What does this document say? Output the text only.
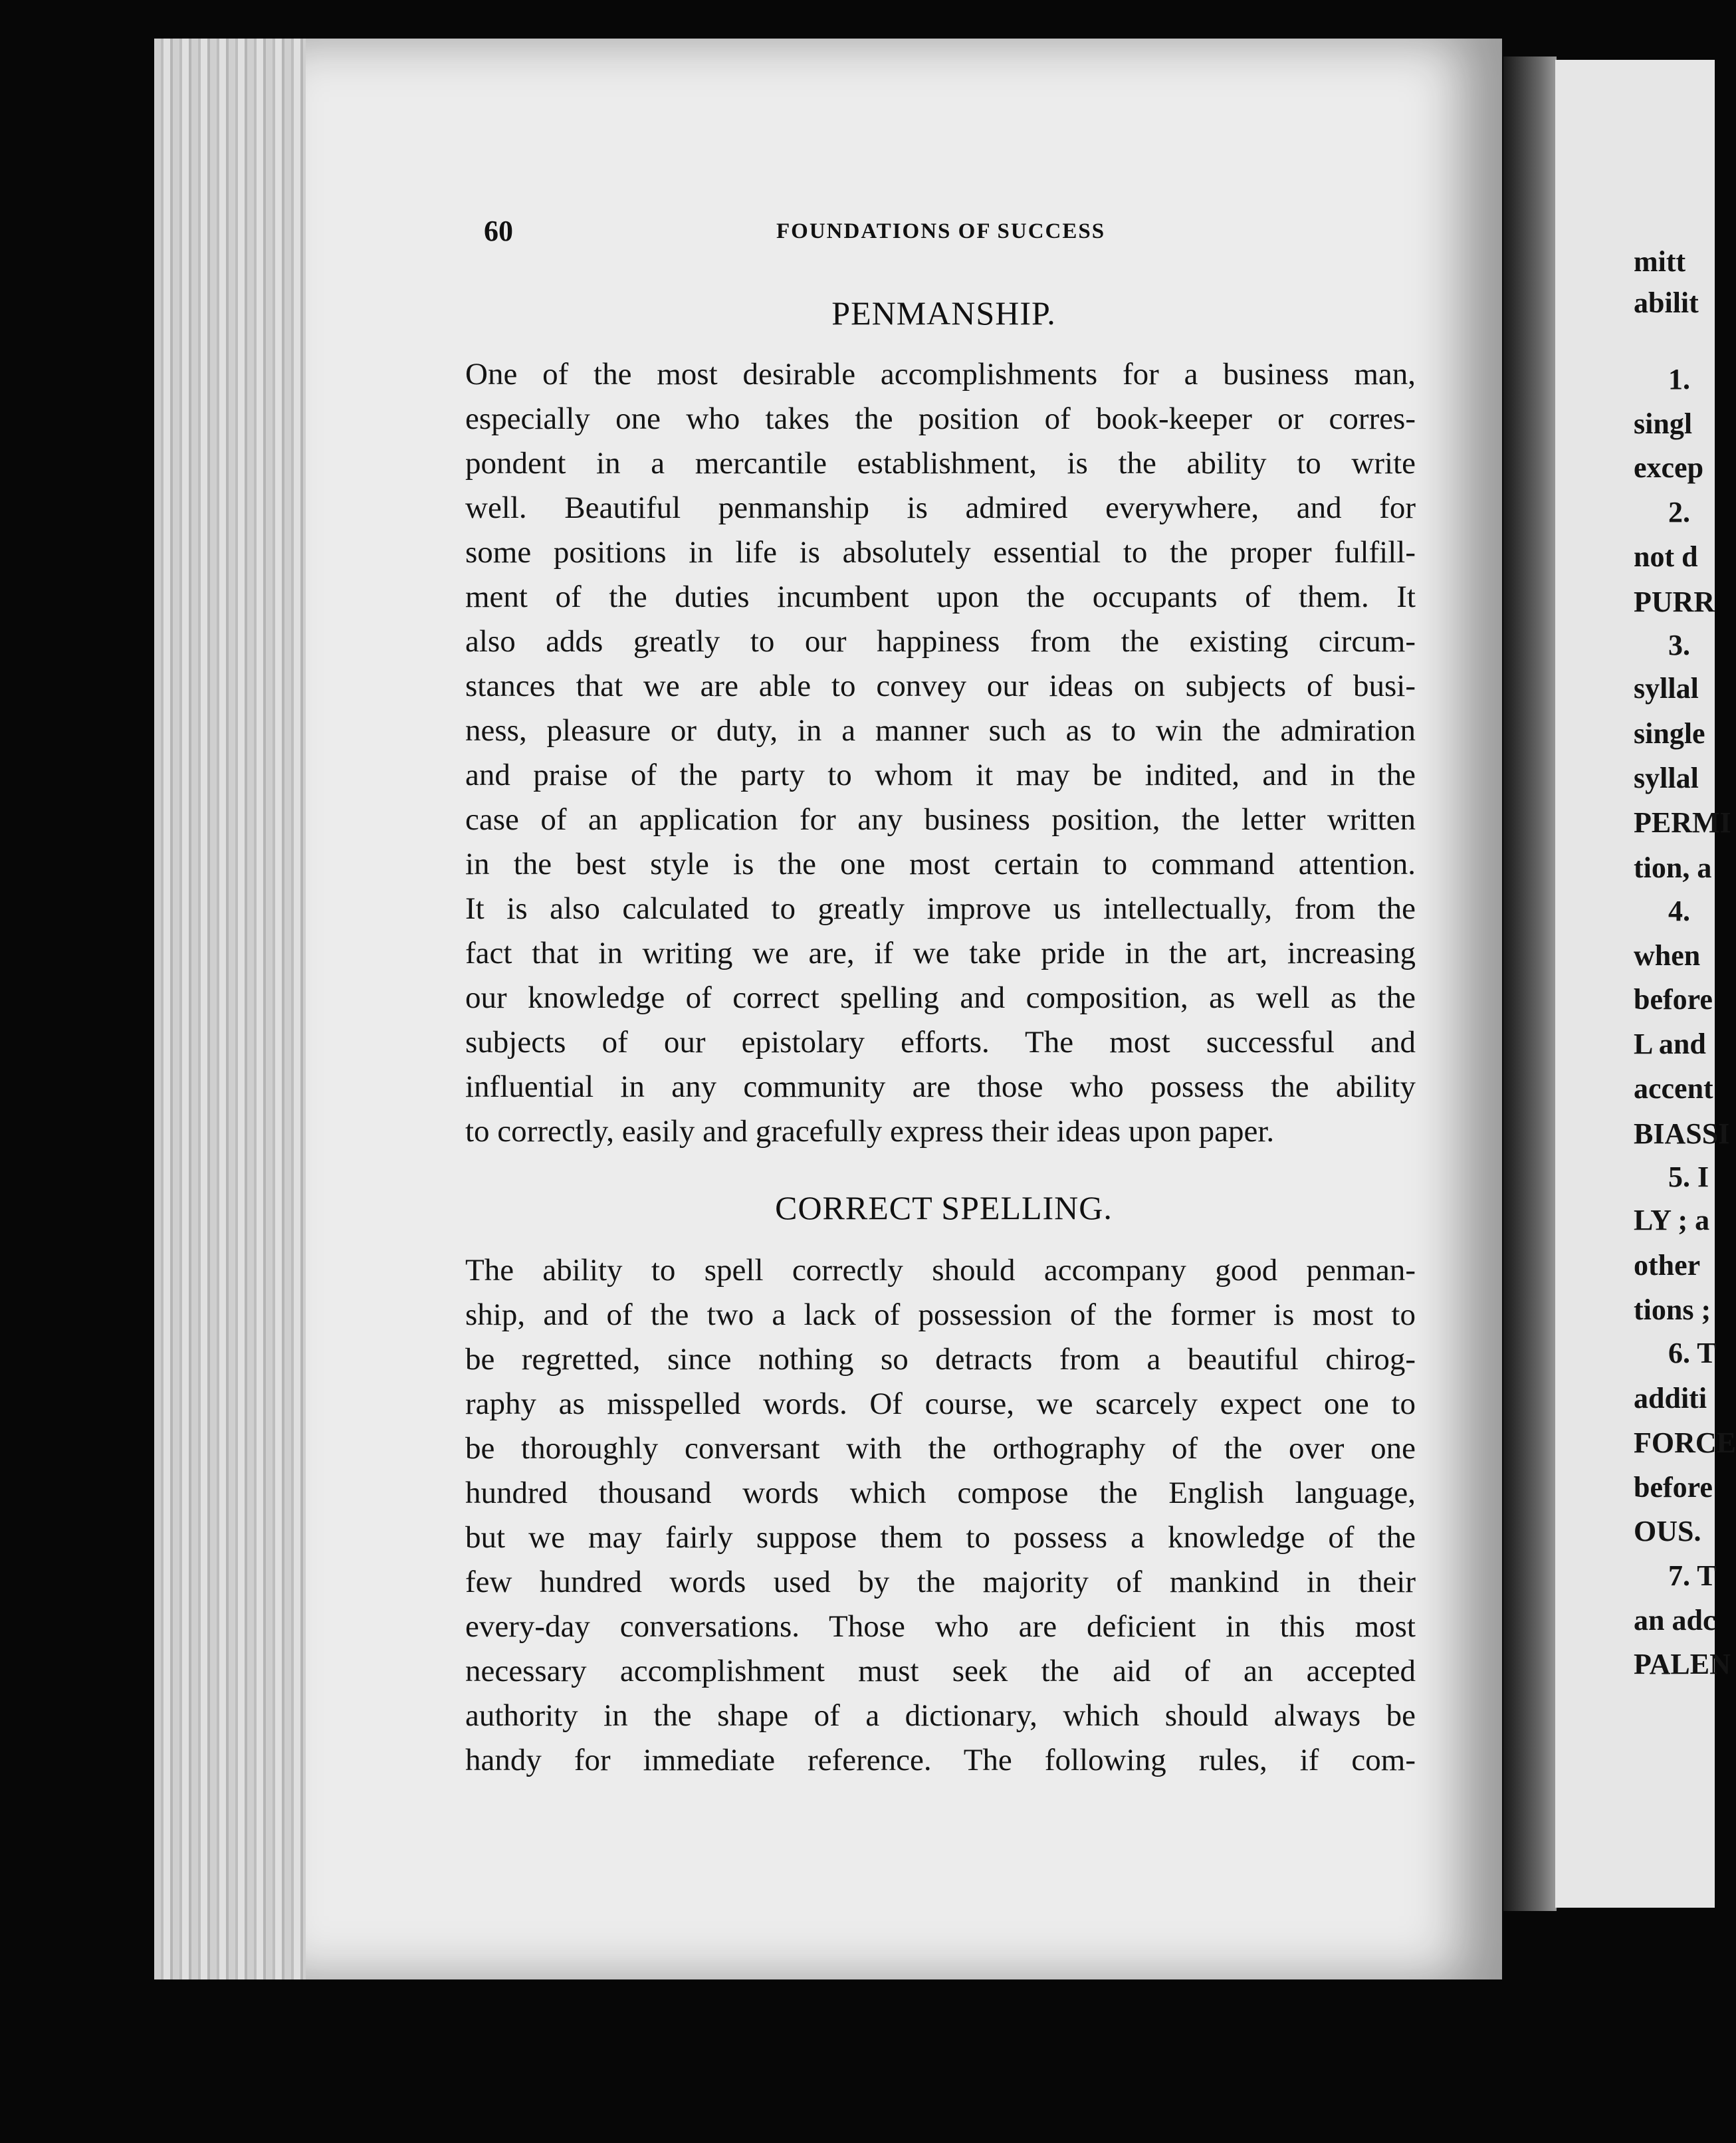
mitt
abilit
1.
singl
excep
2.
not d
PURR
3.
syllal
single
syllal
PERMI
tion, a
4.
when
before
L and
accent
BIASSI
5. I
LY ; a
other
tions ;
6. T
additi
FORCE
before
OUS.
7. T
an adc
PALEN
60	FOUNDATIONS OF SUCCESS
PENMANSHIP.
One of the most desirable accomplishments for a business man,
especially one who takes the position of book-keeper or corres-
pondent in a mercantile establishment, is the ability to write
well. Beautiful penmanship is admired everywhere, and for
some positions in life is absolutely essential to the proper fulfill-
ment of the duties incumbent upon the occupants of them. It
also adds greatly to our happiness from the existing circum-
stances that we are able to convey our ideas on subjects of busi-
ness, pleasure or duty, in a manner such as to win the admiration
and praise of the party to whom it may be indited, and in the
case of an application for any business position, the letter written
in the best style is the one most certain to command attention.
It is also calculated to greatly improve us intellectually, from the
fact that in writing we are, if we take pride in the art, increasing
our knowledge of correct spelling and composition, as well as the
subjects of our epistolary efforts. The most successful and
influential in any community are those who possess the ability
to correctly, easily and gracefully express their ideas upon paper.
CORRECT SPELLING.
The ability to spell correctly should accompany good penman-
ship, and of the two a lack of possession of the former is most to
be regretted, since nothing so detracts from a beautiful chirog-
raphy as misspelled words. Of course, we scarcely expect one to
be thoroughly conversant with the orthography of the over one
hundred thousand words which compose the English language,
but we may fairly suppose them to possess a knowledge of the
few hundred words used by the majority of mankind in their
every-day conversations. Those who are deficient in this most
necessary accomplishment must seek the aid of an accepted
authority in the shape of a dictionary, which should always be
handy for immediate reference. The following rules, if com-
